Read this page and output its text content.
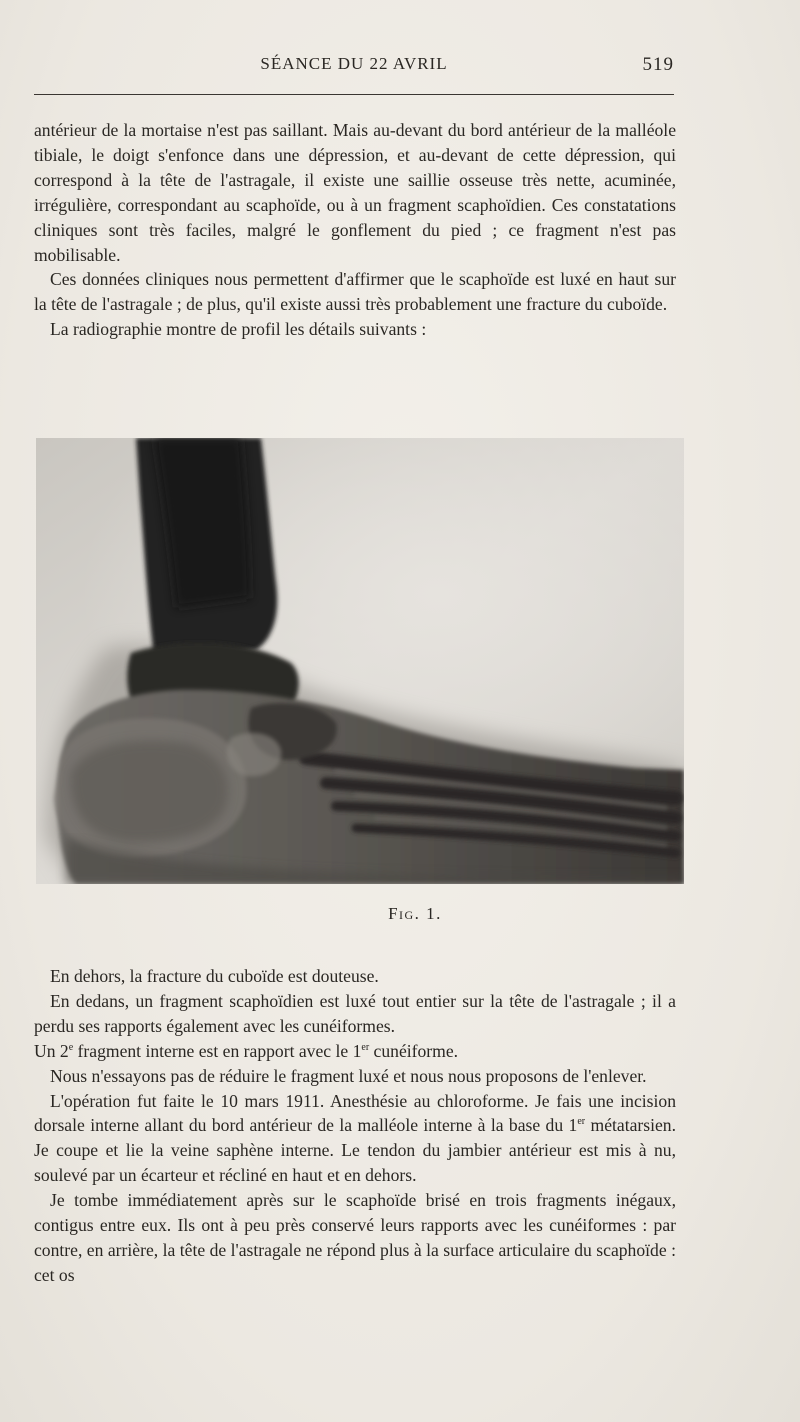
SÉANCE DU 22 AVRIL	519

antérieur de la mortaise n'est pas saillant. Mais au-devant du bord antérieur de la malléole tibiale, le doigt s'enfonce dans une dépression, et au-devant de cette dépression, qui correspond à la tête de l'astragale, il existe une saillie osseuse très nette, acuminée, irrégulière, correspondant au scaphoïde, ou à un fragment scaphoïdien. Ces constatations cliniques sont très faciles, malgré le gonflement du pied ; ce fragment n'est pas mobilisable.

Ces données cliniques nous permettent d'affirmer que le scaphoïde est luxé en haut sur la tête de l'astragale ; de plus, qu'il existe aussi très probablement une fracture du cuboïde.

La radiographie montre de profil les détails suivants :

Fig. 1.

En dehors, la fracture du cuboïde est douteuse.

En dedans, un fragment scaphoïdien est luxé tout entier sur la tête de l'astragale ; il a perdu ses rapports également avec les cunéiformes.

Un 2e fragment interne est en rapport avec le 1er cunéiforme.

Nous n'essayons pas de réduire le fragment luxé et nous nous proposons de l'enlever.

L'opération fut faite le 10 mars 1911. Anesthésie au chloroforme. Je fais une incision dorsale interne allant du bord antérieur de la malléole interne à la base du 1er métatarsien. Je coupe et lie la veine saphène interne. Le tendon du jambier antérieur est mis à nu, soulevé par un écarteur et récliné en haut et en dehors.

Je tombe immédiatement après sur le scaphoïde brisé en trois fragments inégaux, contigus entre eux. Ils ont à peu près conservé leurs rapports avec les cunéiformes : par contre, en arrière, la tête de l'astragale ne répond plus à la surface articulaire du scaphoïde : cet os
